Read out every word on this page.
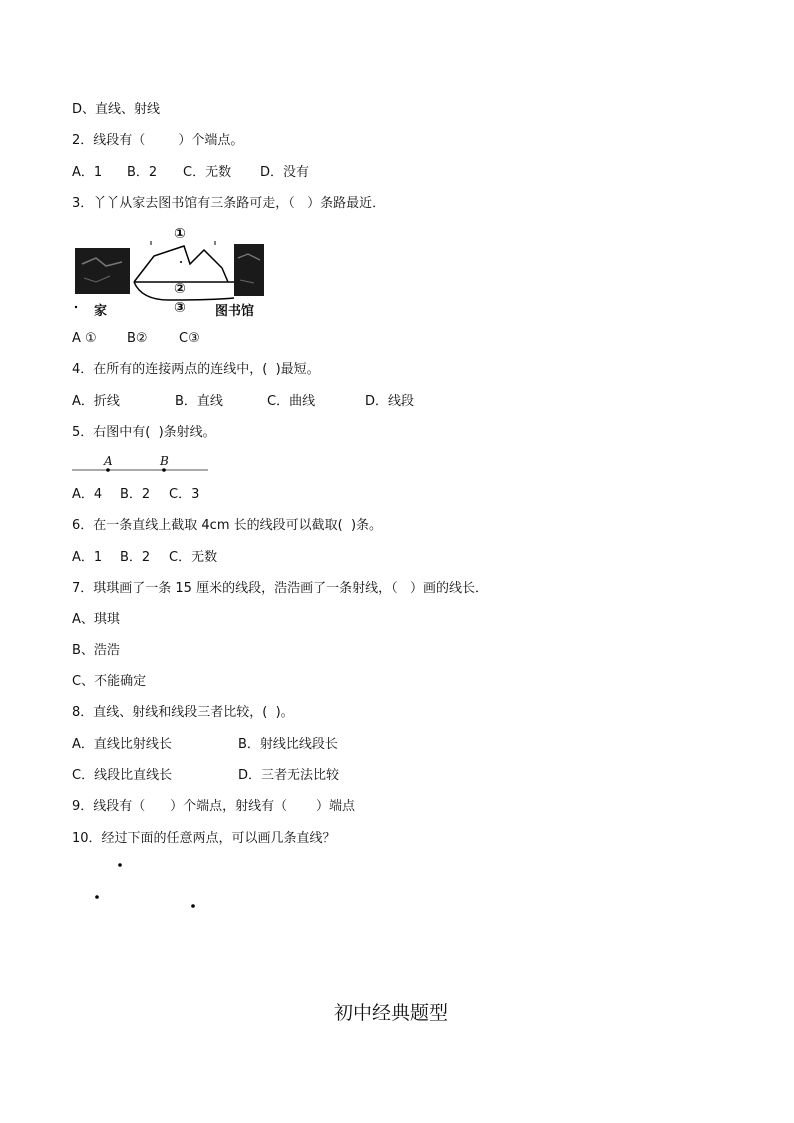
D、直线、射线
2．线段有（        ）个端点。
A．1 B．2 C．无数 D．没有
3．丫丫从家去图书馆有三条路可走，（   ）条路最近．
①
②
③
家	图书馆
A ① B② C③
4．在所有的连接两点的连线中，(  )最短。
A．折线	B．直线	C．曲线	D．线段
5．右图中有(  )条射线。
A	B
A．4 B．2 C．3
6．在一条直线上截取 4cm 长的线段可以截取(  )条。
A．1 B．2 C．无数
7．琪琪画了一条 15 厘米的线段，浩浩画了一条射线，（   ）画的线长．
A、琪琪
B、浩浩
C、不能确定
8．直线、射线和线段三者比较，(  )。
A．直线比射线长	B．射线比线段长
C．线段比直线长	D．三者无法比较
9．线段有（      ）个端点，射线有（       ）端点
10．经过下面的任意两点，可以画几条直线？
初中经典题型
